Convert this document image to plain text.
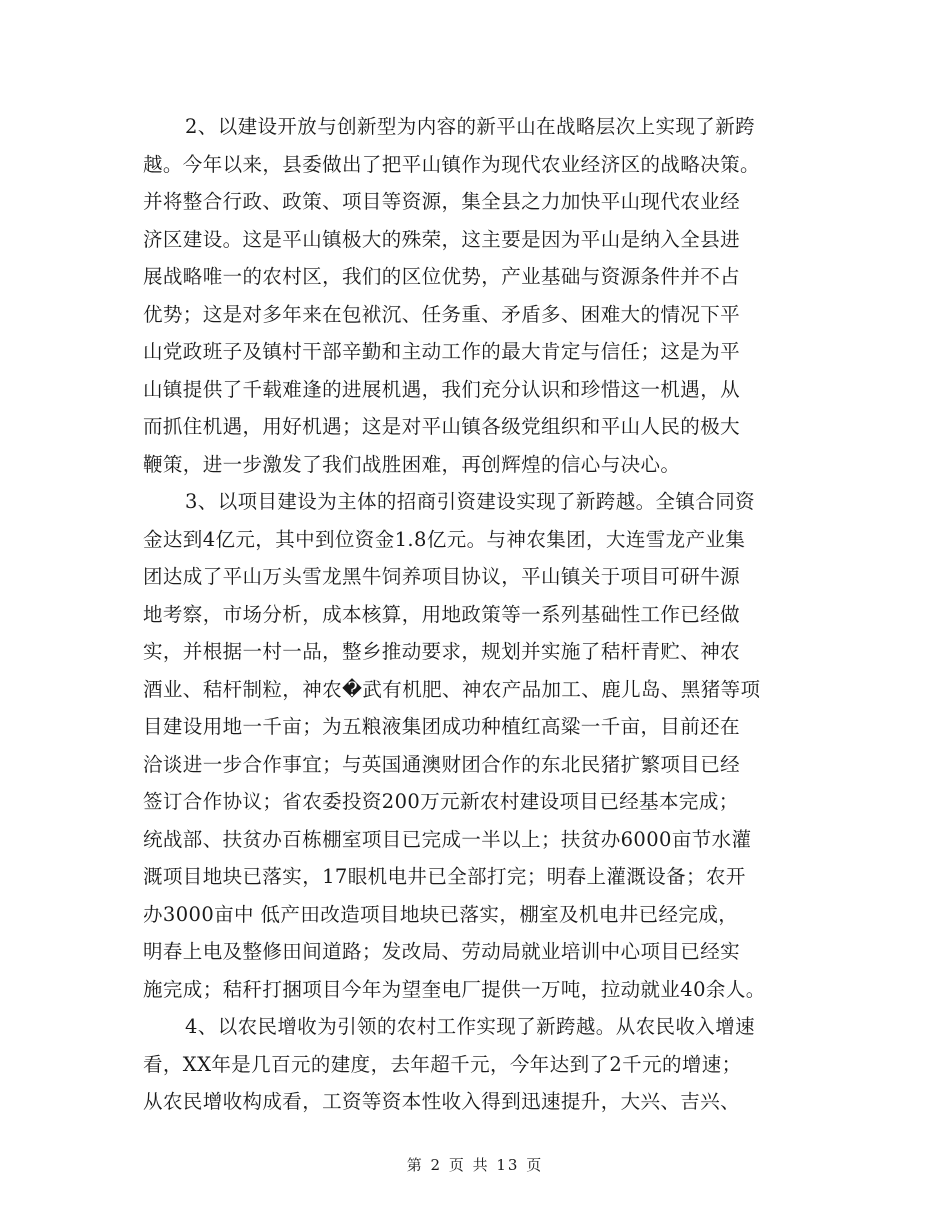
2、以建设开放与创新型为内容的新平山在战略层次上实现了新跨
越。今年以来，县委做出了把平山镇作为现代农业经济区的战略决策。
并将整合行政、政策、项目等资源，集全县之力加快平山现代农业经
济区建设。这是平山镇极大的殊荣，这主要是因为平山是纳入全县进
展战略唯一的农村区，我们的区位优势，产业基础与资源条件并不占
优势；这是对多年来在包袱沉、任务重、矛盾多、困难大的情况下平
山党政班子及镇村干部辛勤和主动工作的最大肯定与信任；这是为平
山镇提供了千载难逢的进展机遇，我们充分认识和珍惜这一机遇，从
而抓住机遇，用好机遇；这是对平山镇各级党组织和平山人民的极大
鞭策，进一步激发了我们战胜困难，再创辉煌的信心与决心。
3、以项目建设为主体的招商引资建设实现了新跨越。全镇合同资
金达到4亿元，其中到位资金1.8亿元。与神农集团，大连雪龙产业集
团达成了平山万头雪龙黑牛饲养项目协议，平山镇关于项目可研牛源
地考察，市场分析，成本核算，用地政策等一系列基础性工作已经做
实，并根据一村一品，整乡推动要求，规划并实施了秸杆青贮、神农
酒业、秸杆制粒，神农�武有机肥、神农产品加工、鹿儿岛、黑猪等项
目建设用地一千亩；为五粮液集团成功种植红高粱一千亩，目前还在
洽谈进一步合作事宜；与英国通澳财团合作的东北民猪扩繁项目已经
签订合作协议；省农委投资200万元新农村建设项目已经基本完成；
统战部、扶贫办百栋棚室项目已完成一半以上；扶贫办6000亩节水灌
溉项目地块已落实，17眼机电井已全部打完；明春上灌溉设备；农开
办3000亩中 低产田改造项目地块已落实，棚室及机电井已经完成，
明春上电及整修田间道路；发改局、劳动局就业培训中心项目已经实
施完成；秸秆打捆项目今年为望奎电厂提供一万吨，拉动就业40余人。
4、以农民增收为引领的农村工作实现了新跨越。从农民收入增速
看，XX年是几百元的建度，去年超千元，今年达到了2千元的增速；
从农民增收构成看，工资等资本性收入得到迅速提升，大兴、吉兴、
第 2 页 共 13 页
